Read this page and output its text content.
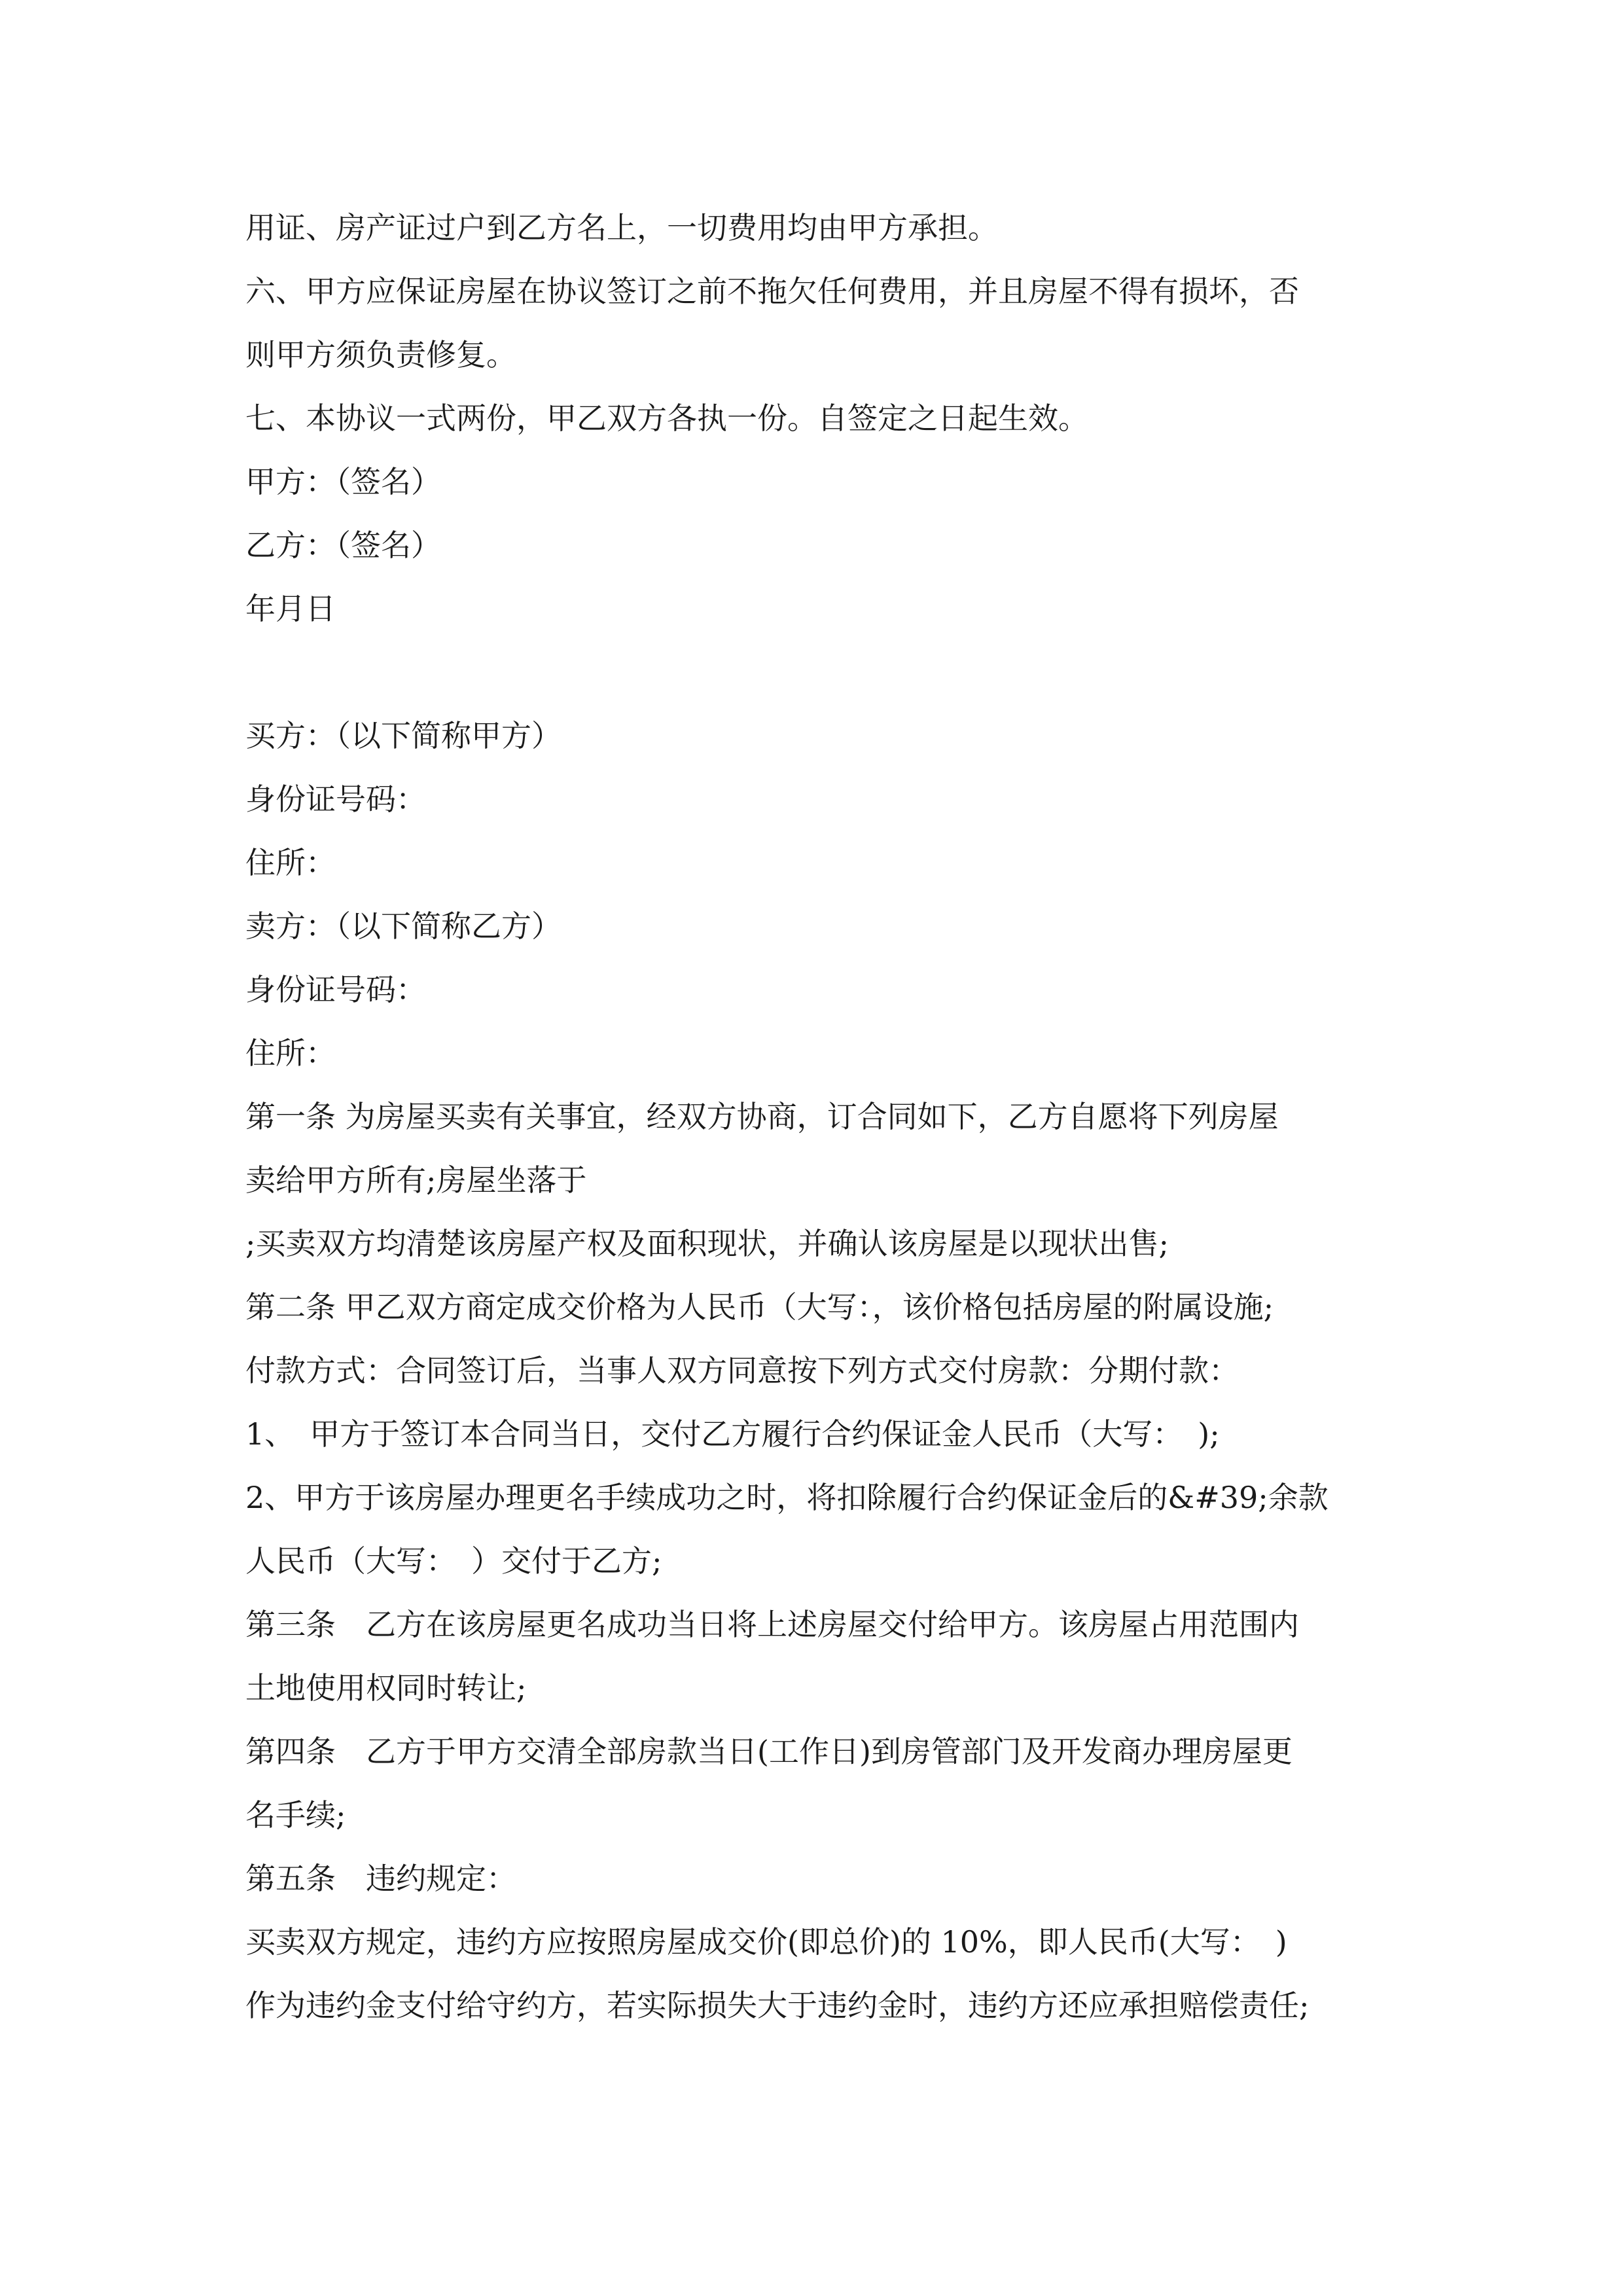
用证、房产证过户到乙方名上，一切费用均由甲方承担。
六、甲方应保证房屋在协议签订之前不拖欠任何费用，并且房屋不得有损坏，否
则甲方须负责修复。
七、本协议一式两份，甲乙双方各执一份。自签定之日起生效。
甲方：（签名）
乙方：（签名）
年月日
买方：（以下简称甲方）
身份证号码：
住所：
卖方：（以下简称乙方）
身份证号码：
住所：
第一条 为房屋买卖有关事宜，经双方协商，订合同如下，乙方自愿将下列房屋
卖给甲方所有;房屋坐落于
;买卖双方均清楚该房屋产权及面积现状，并确认该房屋是以现状出售;
第二条 甲乙双方商定成交价格为人民币（大写：，该价格包括房屋的附属设施;
付款方式：合同签订后，当事人双方同意按下列方式交付房款：分期付款：
1、　甲方于签订本合同当日，交付乙方履行合约保证金人民币（大写：　);
2、甲方于该房屋办理更名手续成功之时，将扣除履行合约保证金后的&#39;余款
人民币（大写：　）交付于乙方;
第三条　乙方在该房屋更名成功当日将上述房屋交付给甲方。该房屋占用范围内
土地使用权同时转让;
第四条　乙方于甲方交清全部房款当日(工作日)到房管部门及开发商办理房屋更
名手续;
第五条　违约规定：
买卖双方规定，违约方应按照房屋成交价(即总价)的 10%，即人民币(大写：　)
作为违约金支付给守约方，若实际损失大于违约金时，违约方还应承担赔偿责任;
